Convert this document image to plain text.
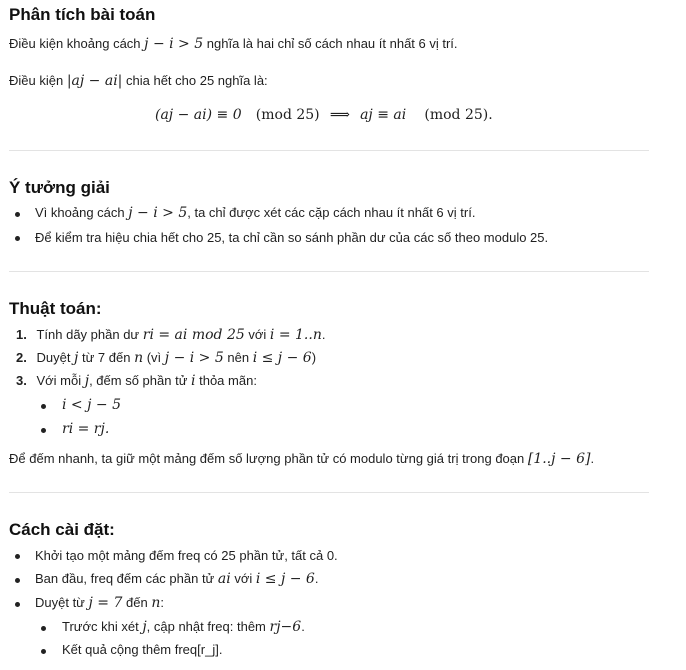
Phân tích bài toán
Điều kiện khoảng cách j − i > 5 nghĩa là hai chỉ số cách nhau ít nhất 6 vị trí.
Điều kiện |aj − ai| chia hết cho 25 nghĩa là:
(aj − ai) ≡ 0 (mod 25) ⟹ aj ≡ ai (mod 25).
Ý tưởng giải
Vì khoảng cách j − i > 5, ta chỉ được xét các cặp cách nhau ít nhất 6 vị trí.
Để kiểm tra hiệu chia hết cho 25, ta chỉ cần so sánh phần dư của các số theo modulo 25.
Thuật toán:
1. Tính dãy phần dư ri = ai mod 25 với i = 1..n.
2. Duyệt j từ 7 đến n (vì j − i > 5 nên i ≤ j − 6)
3. Với mỗi j, đếm số phần tử i thỏa mãn:
i < j − 5
ri = rj.
Để đếm nhanh, ta giữ một mảng đếm số lượng phần tử có modulo từng giá trị trong đoạn [1..j − 6].
Cách cài đặt:
Khởi tạo một mảng đếm freq có 25 phần tử, tất cả 0.
Ban đầu, freq đếm các phần tử ai với i ≤ j − 6.
Duyệt từ j = 7 đến n:
Trước khi xét j, cập nhật freq: thêm rj−6.
Kết quả cộng thêm freq[r_j].
